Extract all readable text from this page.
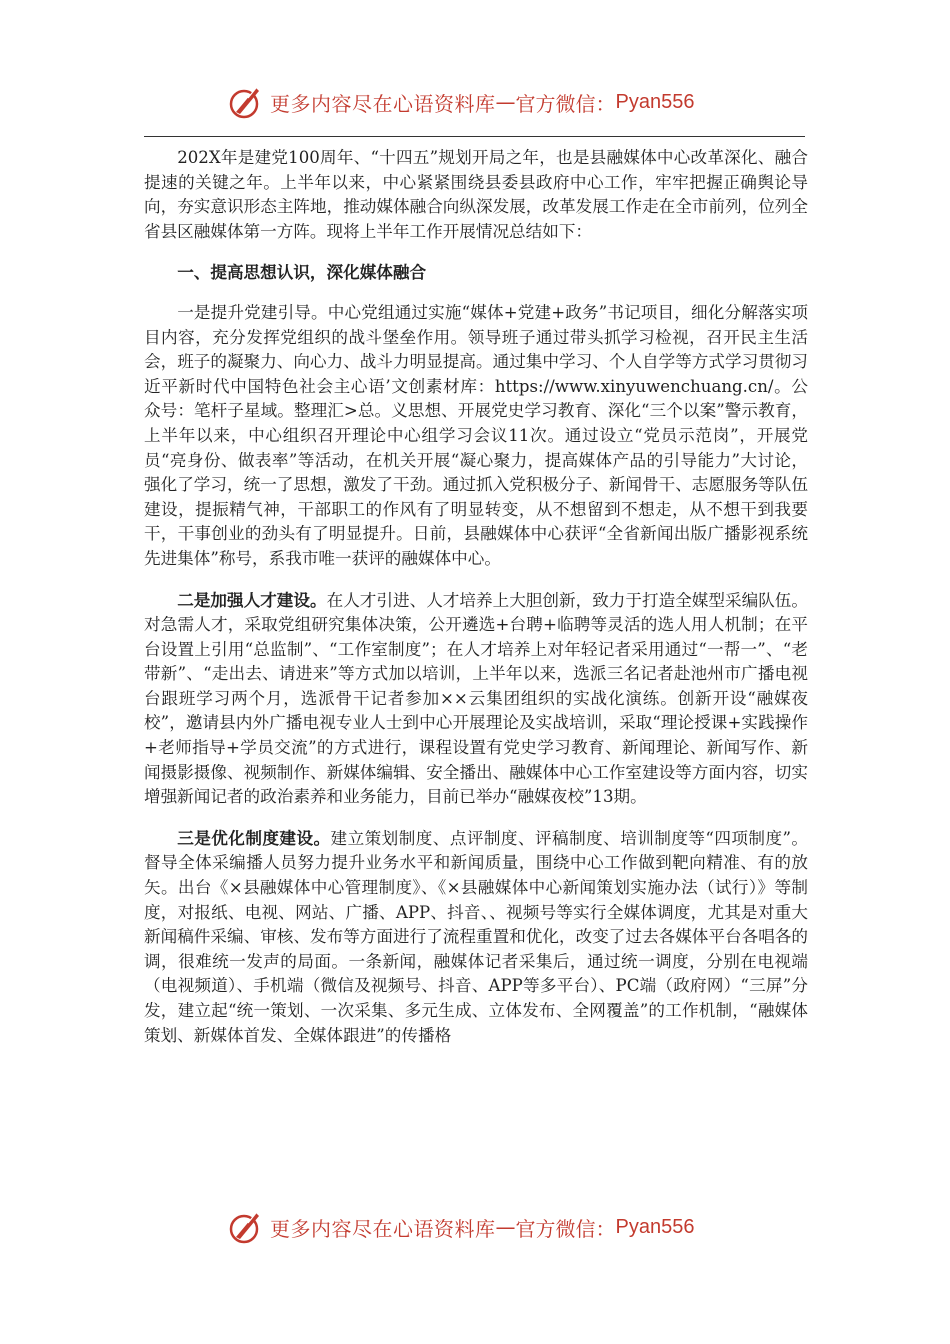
更多内容尽在心语资料库 — 官方微信： Pyan556

202X年是建党100周年、“十四五”规划开局之年，也是县融媒体中心改革深化、融合提速的关键之年。上半年以来，中心紧紧围绕县委县政府中心工作，牢牢把握正确舆论导向，夯实意识形态主阵地，推动媒体融合向纵深发展，改革发展工作走在全市前列，位列全省县区融媒体第一方阵。现将上半年工作开展情况总结如下：

一、提高思想认识，深化媒体融合

一是提升党建引导。中心党组通过实施“媒体+党建+政务”书记项目，细化分解落实项目内容，充分发挥党组织的战斗堡垒作用。领导班子通过带头抓学习检视，召开民主生活会，班子的凝聚力、向心力、战斗力明显提高。通过集中学习、个人自学等方式学习贯彻习近平新时代中国特色社会主心语’文创素材库：https://www.xinyuwenchuang.cn/。公众号：笔杆子星域。整理汇>总。义思想、开展党史学习教育、深化“三个以案”警示教育，上半年以来，中心组织召开理论中心组学习会议11次。通过设立“党员示范岗”，开展党员“亮身份、做表率”等活动，在机关开展“凝心聚力，提高媒体产品的引导能力”大讨论，强化了学习，统一了思想，激发了干劲。通过抓入党积极分子、新闻骨干、志愿服务等队伍建设，提振精气神，干部职工的作风有了明显转变，从不想留到不想走，从不想干到我要干，干事创业的劲头有了明显提升。日前，县融媒体中心获评“全省新闻出版广播影视系统先进集体”称号，系我市唯一获评的融媒体中心。

二是加强人才建设。在人才引进、人才培养上大胆创新，致力于打造全媒型采编队伍。对急需人才，采取党组研究集体决策，公开遴选+台聘+临聘等灵活的选人用人机制；在平台设置上引用“总监制”、“工作室制度”；在人才培养上对年轻记者采用通过“一帮一”、“老带新”、“走出去、请进来”等方式加以培训，上半年以来，选派三名记者赴池州市广播电视台跟班学习两个月，选派骨干记者参加××云集团组织的实战化演练。创新开设“融媒夜校”，邀请县内外广播电视专业人士到中心开展理论及实战培训，采取“理论授课+实践操作+老师指导+学员交流”的方式进行，课程设置有党史学习教育、新闻理论、新闻写作、新闻摄影摄像、视频制作、新媒体编辑、安全播出、融媒体中心工作室建设等方面内容，切实增强新闻记者的政治素养和业务能力，目前已举办“融媒夜校”13期。

三是优化制度建设。建立策划制度、点评制度、评稿制度、培训制度等“四项制度”。督导全体采编播人员努力提升业务水平和新闻质量，围绕中心工作做到靶向精准、有的放矢。出台《×县融媒体中心管理制度》、《×县融媒体中心新闻策划实施办法（试行）》等制度，对报纸、电视、网站、广播、APP、抖音、、视频号等实行全媒体调度，尤其是对重大新闻稿件采编、审核、发布等方面进行了流程重置和优化，改变了过去各媒体平台各唱各的调，很难统一发声的局面。一条新闻，融媒体记者采集后，通过统一调度，分别在电视端（电视频道）、手机端（微信及视频号、抖音、APP等多平台）、PC端（政府网）“三屏”分发，建立起“统一策划、一次采集、多元生成、立体发布、全网覆盖”的工作机制，“融媒体策划、新媒体首发、全媒体跟进”的传播格

更多内容尽在心语资料库 — 官方微信： Pyan556
